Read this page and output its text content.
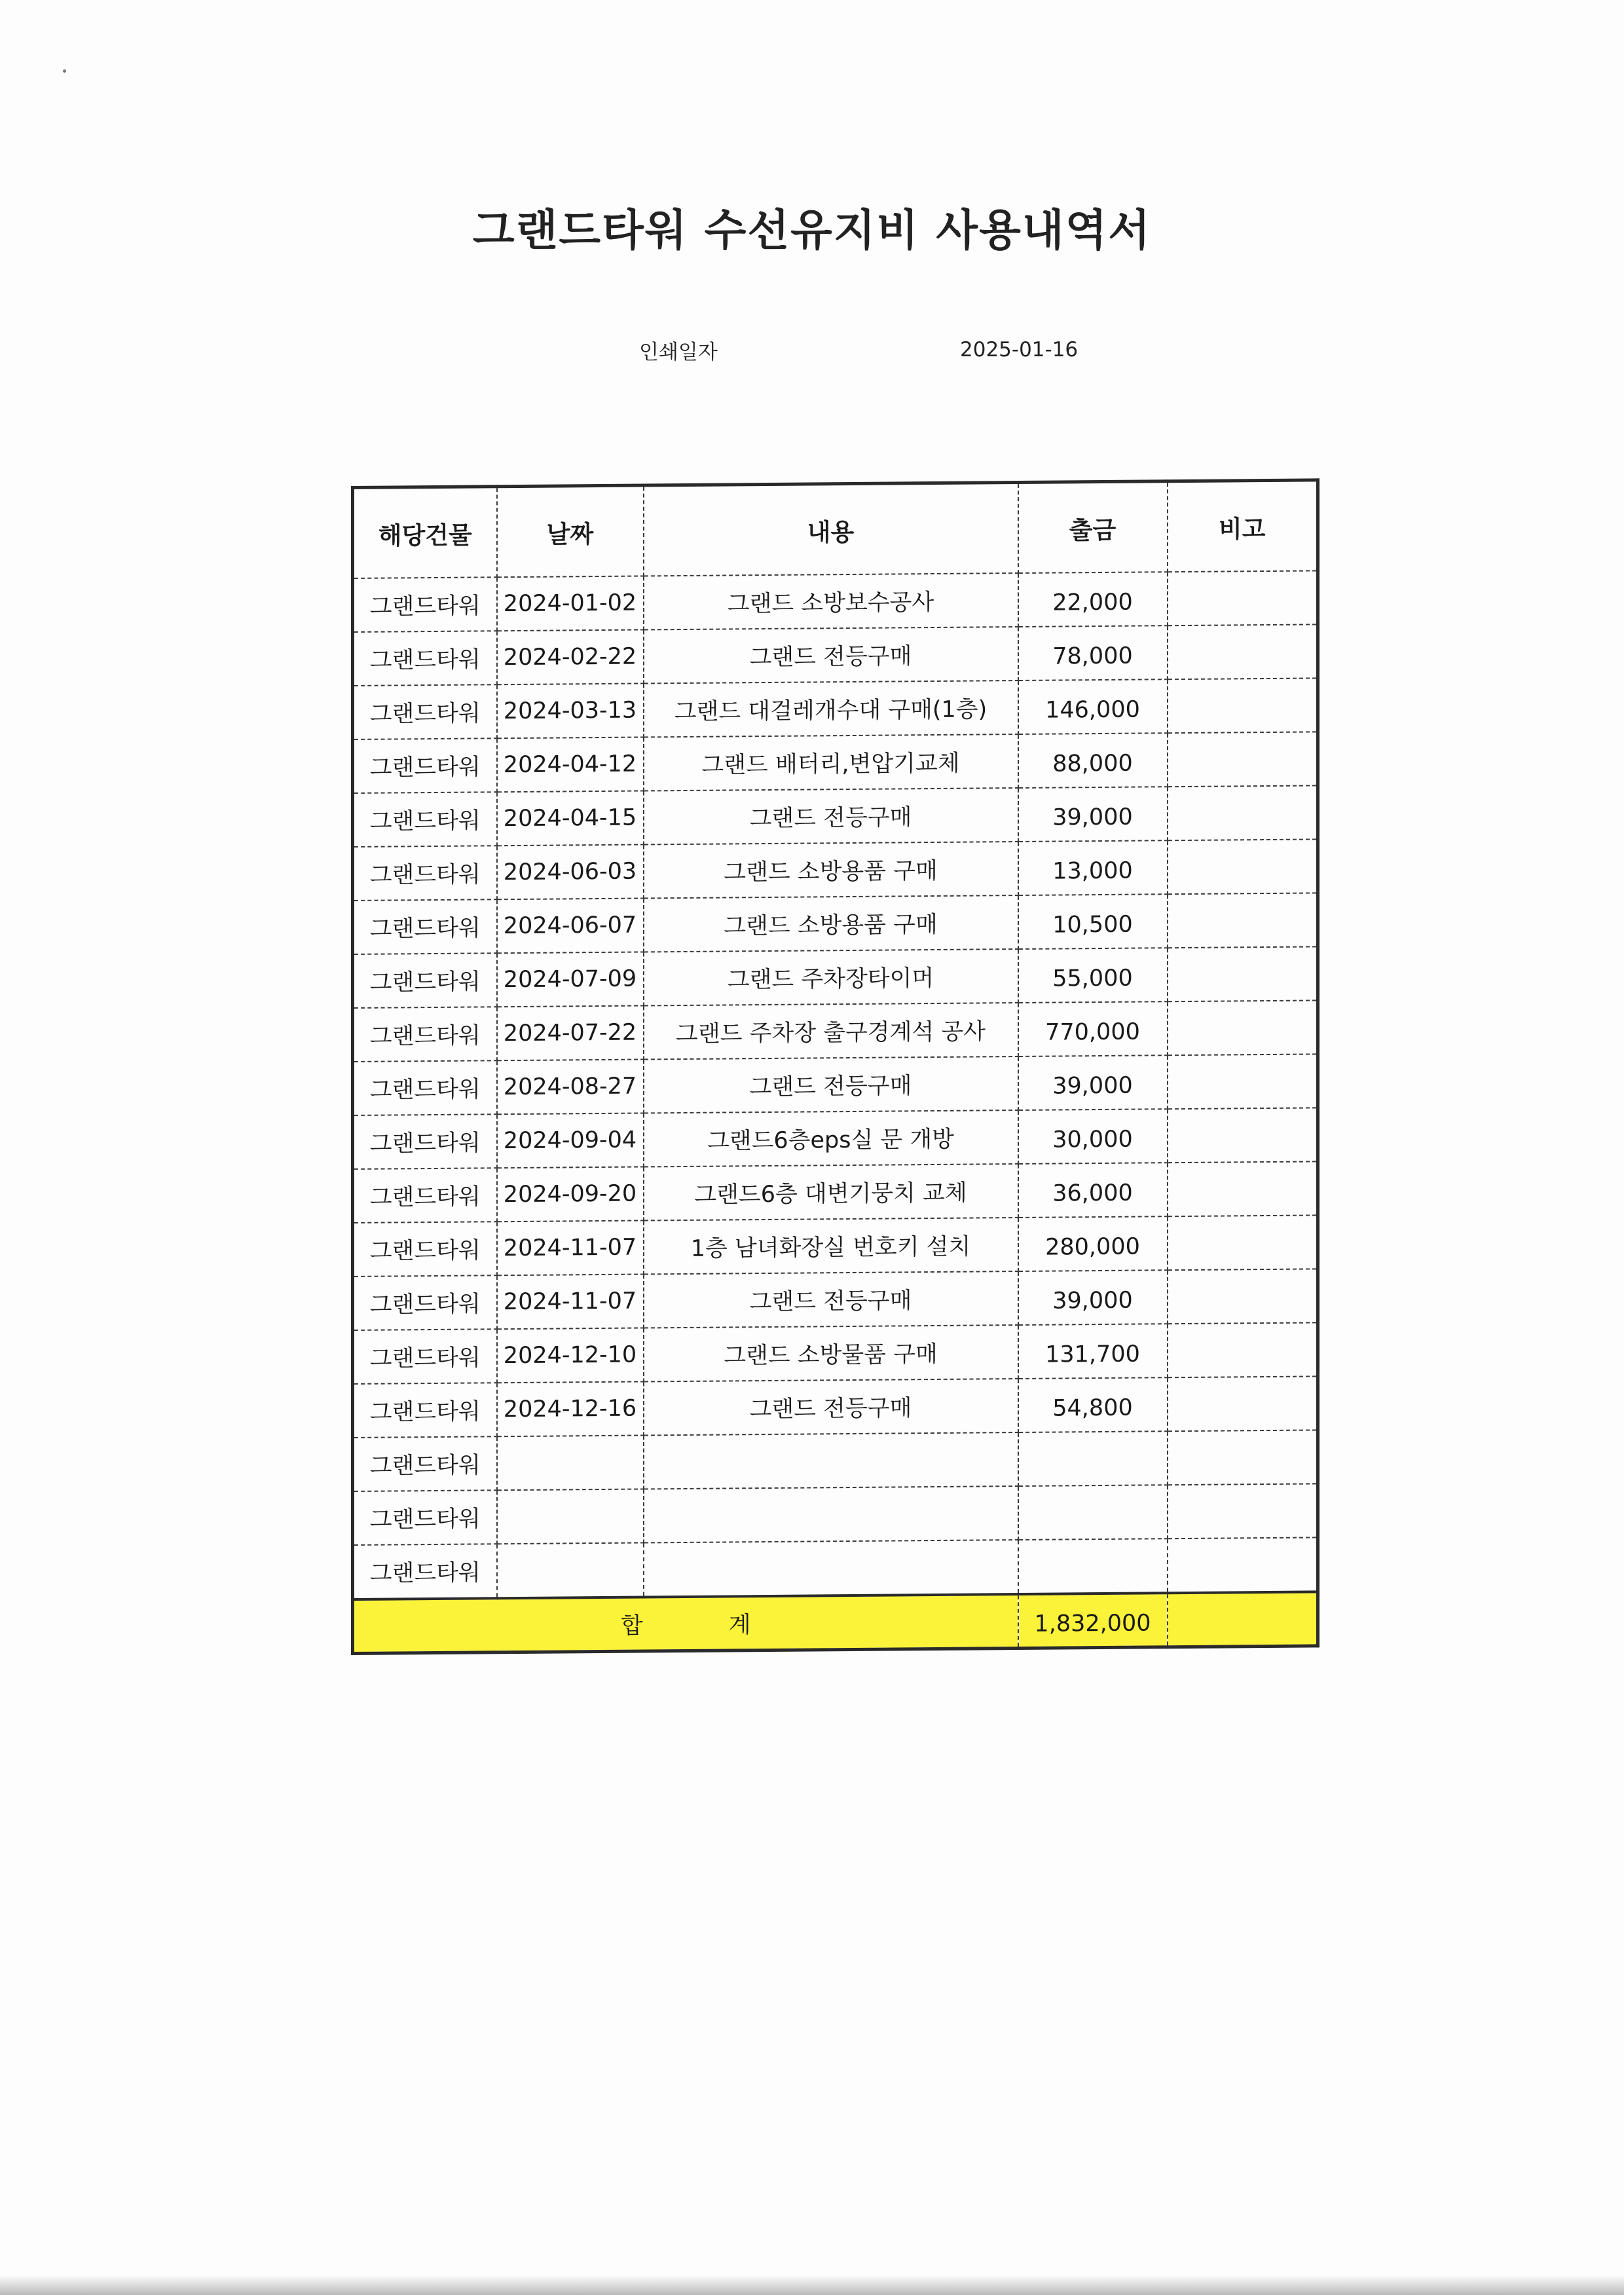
그랜드타워 수선유지비 사용내역서
인쇄일자	2025-01-16
해당건물	날짜	내용	출금	비고
그랜드타워	2024-01-02	그랜드 소방보수공사	22,000	
그랜드타워	2024-02-22	그랜드 전등구매	78,000	
그랜드타워	2024-03-13	그랜드 대걸레개수대 구매(1층)	146,000	
그랜드타워	2024-04-12	그랜드 배터리,변압기교체	88,000	
그랜드타워	2024-04-15	그랜드 전등구매	39,000	
그랜드타워	2024-06-03	그랜드 소방용품 구매	13,000	
그랜드타워	2024-06-07	그랜드 소방용품 구매	10,500	
그랜드타워	2024-07-09	그랜드 주차장타이머	55,000	
그랜드타워	2024-07-22	그랜드 주차장 출구경계석 공사	770,000	
그랜드타워	2024-08-27	그랜드 전등구매	39,000	
그랜드타워	2024-09-04	그랜드6층eps실 문 개방	30,000	
그랜드타워	2024-09-20	그랜드6층 대변기뭉치 교체	36,000	
그랜드타워	2024-11-07	1층 남녀화장실 번호키 설치	280,000	
그랜드타워	2024-11-07	그랜드 전등구매	39,000	
그랜드타워	2024-12-10	그랜드 소방물품 구매	131,700	
그랜드타워	2024-12-16	그랜드 전등구매	54,800	
그랜드타워				
그랜드타워				
그랜드타워				
합 계			1,832,000	
